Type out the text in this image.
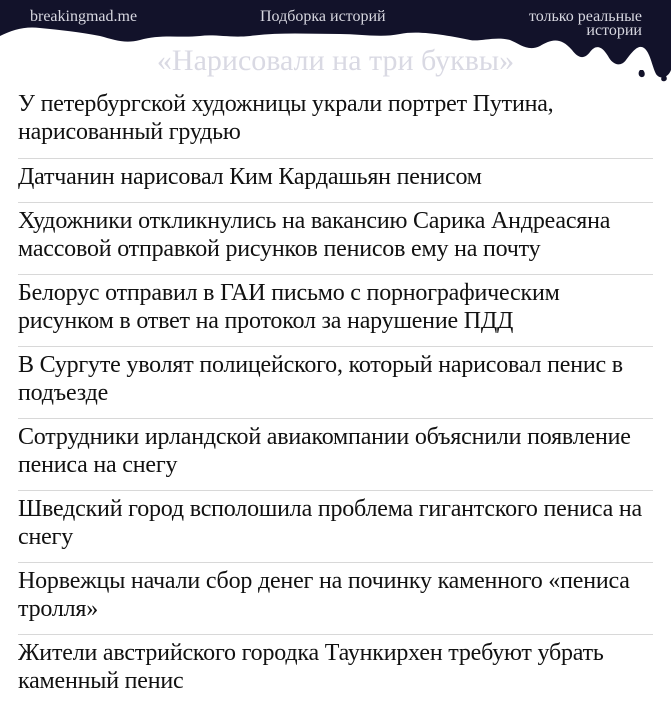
breakingmad.me	Подборка историй	только реальные истории
«Нарисовали на три буквы»
У петербургской художницы украли портрет Путина, нарисованный грудью
Датчанин нарисовал Ким Кардашьян пенисом
Художники откликнулись на вакансию Сарика Андреасяна массовой отправкой рисунков пенисов ему на почту
Белорус отправил в ГАИ письмо с порнографическим рисунком в ответ на протокол за нарушение ПДД
В Сургуте уволят полицейского, который нарисовал пенис в подъезде
Сотрудники ирландской авиакомпании объяснили появление пениса на снегу
Шведский город всполошила проблема гигантского пениса на снегу
Норвежцы начали сбор денег на починку каменного «пениса тролля»
Жители австрийского городка Таункирхен требуют убрать каменный пенис
